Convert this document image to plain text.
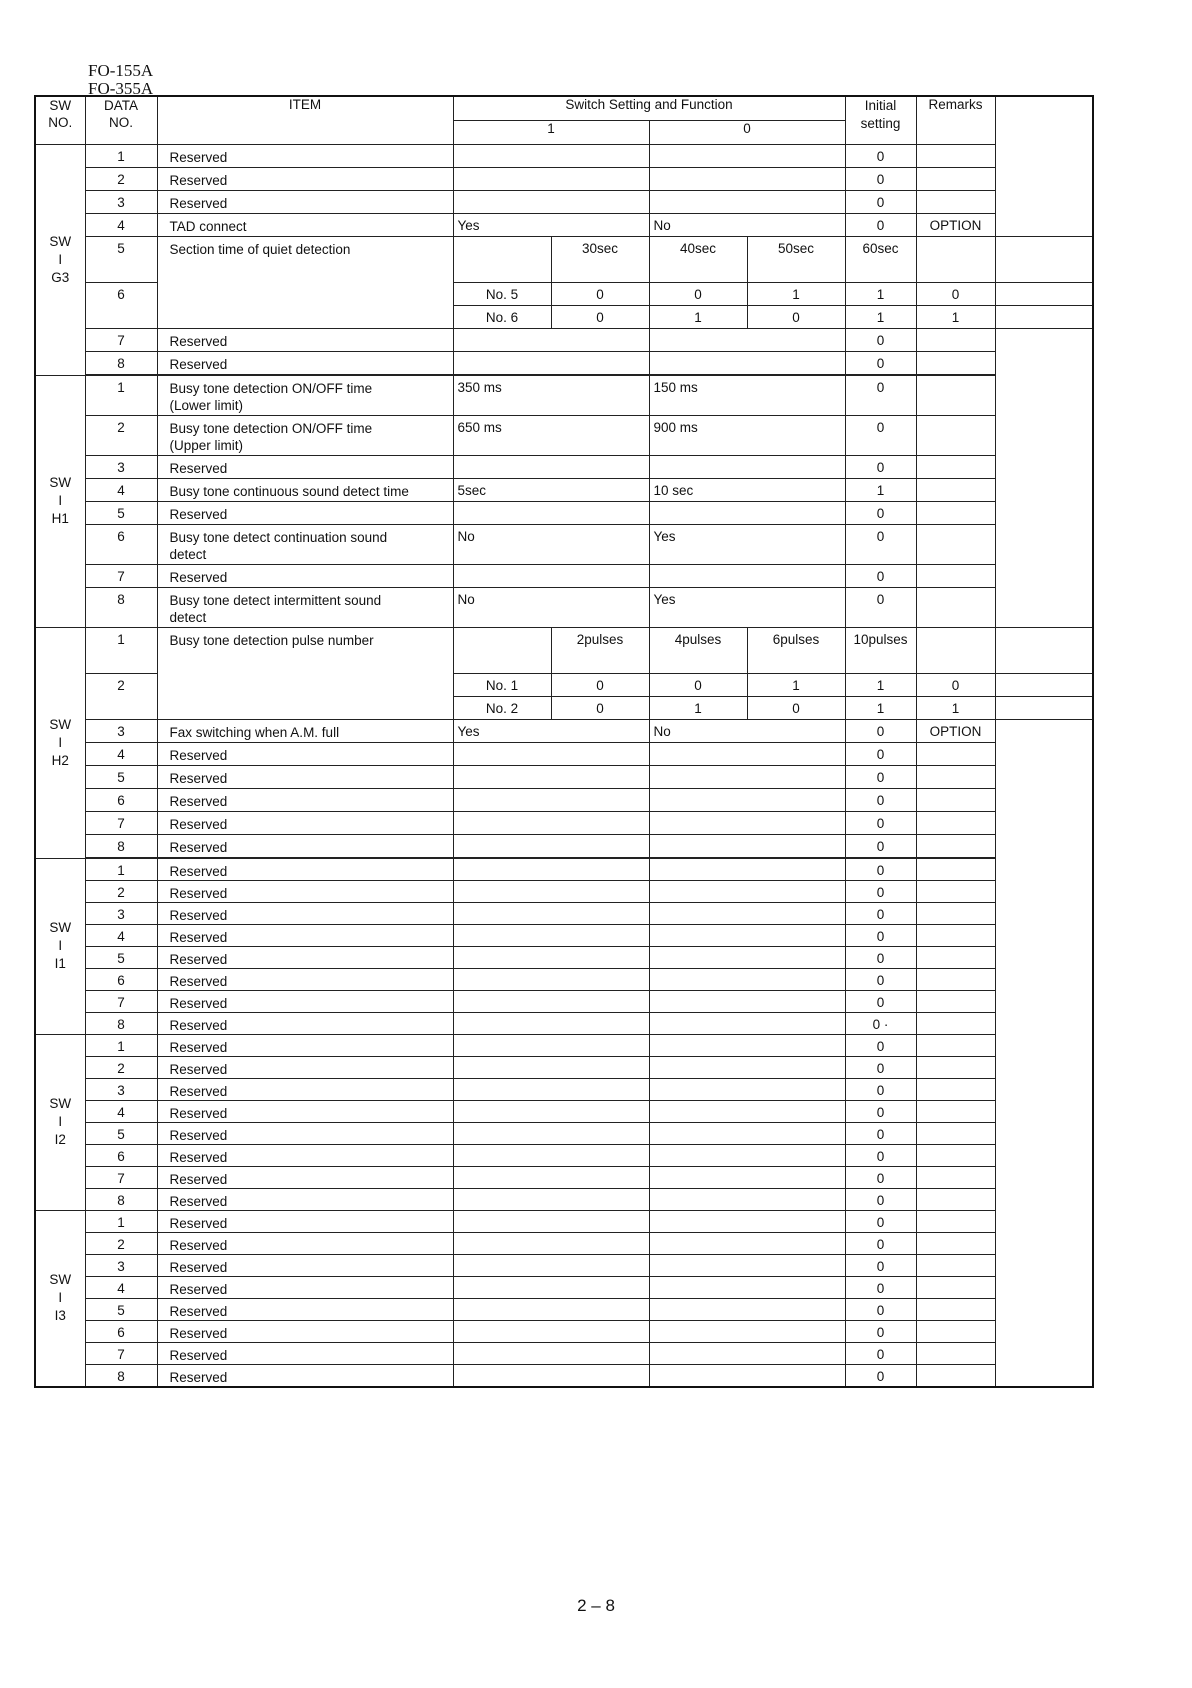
FO-155A
FO-355A
SW
NO.	DATA
NO.	ITEM	Switch Setting and Function				Initial
setting	Remarks	
			1		0				
SW
I
G3	1	Reserved					0		
	2	Reserved					0		
	3	Reserved					0		
	4	TAD connect	Yes		No		0	OPTION	
	5	Section time of quiet detection		30sec	40sec	50sec	60sec		
	6		No. 5	0	0	1	1	0	
			No. 6	0	1	0	1	1	
	7	Reserved					0		
	8	Reserved					0		

SW
I
H1	1	Busy tone detection ON/OFF time
(Lower limit)	350 ms		150 ms		0		
	2	Busy tone detection ON/OFF time
(Upper limit)	650 ms		900 ms		0		
	3	Reserved					0		
	4	Busy tone continuous sound detect time	5sec		10 sec		1		
	5	Reserved					0		
	6	Busy tone detect continuation sound
detect	No		Yes		0		
	7	Reserved					0		
	8	Busy tone detect intermittent sound
detect	No		Yes		0		
SW
I
H2	1	Busy tone detection pulse number		2pulses	4pulses	6pulses	10pulses		
	2		No. 1	0	0	1	1	0	
			No. 2	0	1	0	1	1	
	3	Fax switching when A.M. full	Yes		No		0	OPTION	
	4	Reserved					0		
	5	Reserved					0		
	6	Reserved					0		
	7	Reserved					0		
	8	Reserved					0		

SW
I
I1	1	Reserved					0		
	2	Reserved					0		
	3	Reserved					0		
	4	Reserved					0		
	5	Reserved					0		
	6	Reserved					0		
	7	Reserved					0		
	8	Reserved					0 ·		
SW
I
I2	1	Reserved					0		
	2	Reserved					0		
	3	Reserved					0		
	4	Reserved					0		
	5	Reserved					0		
	6	Reserved					0		
	7	Reserved					0		
	8	Reserved					0		
SW
I
I3	1	Reserved					0		
	2	Reserved					0		
	3	Reserved					0		
	4	Reserved					0		
	5	Reserved					0		
	6	Reserved					0		
	7	Reserved					0		
	8	Reserved					0		
2 – 8
